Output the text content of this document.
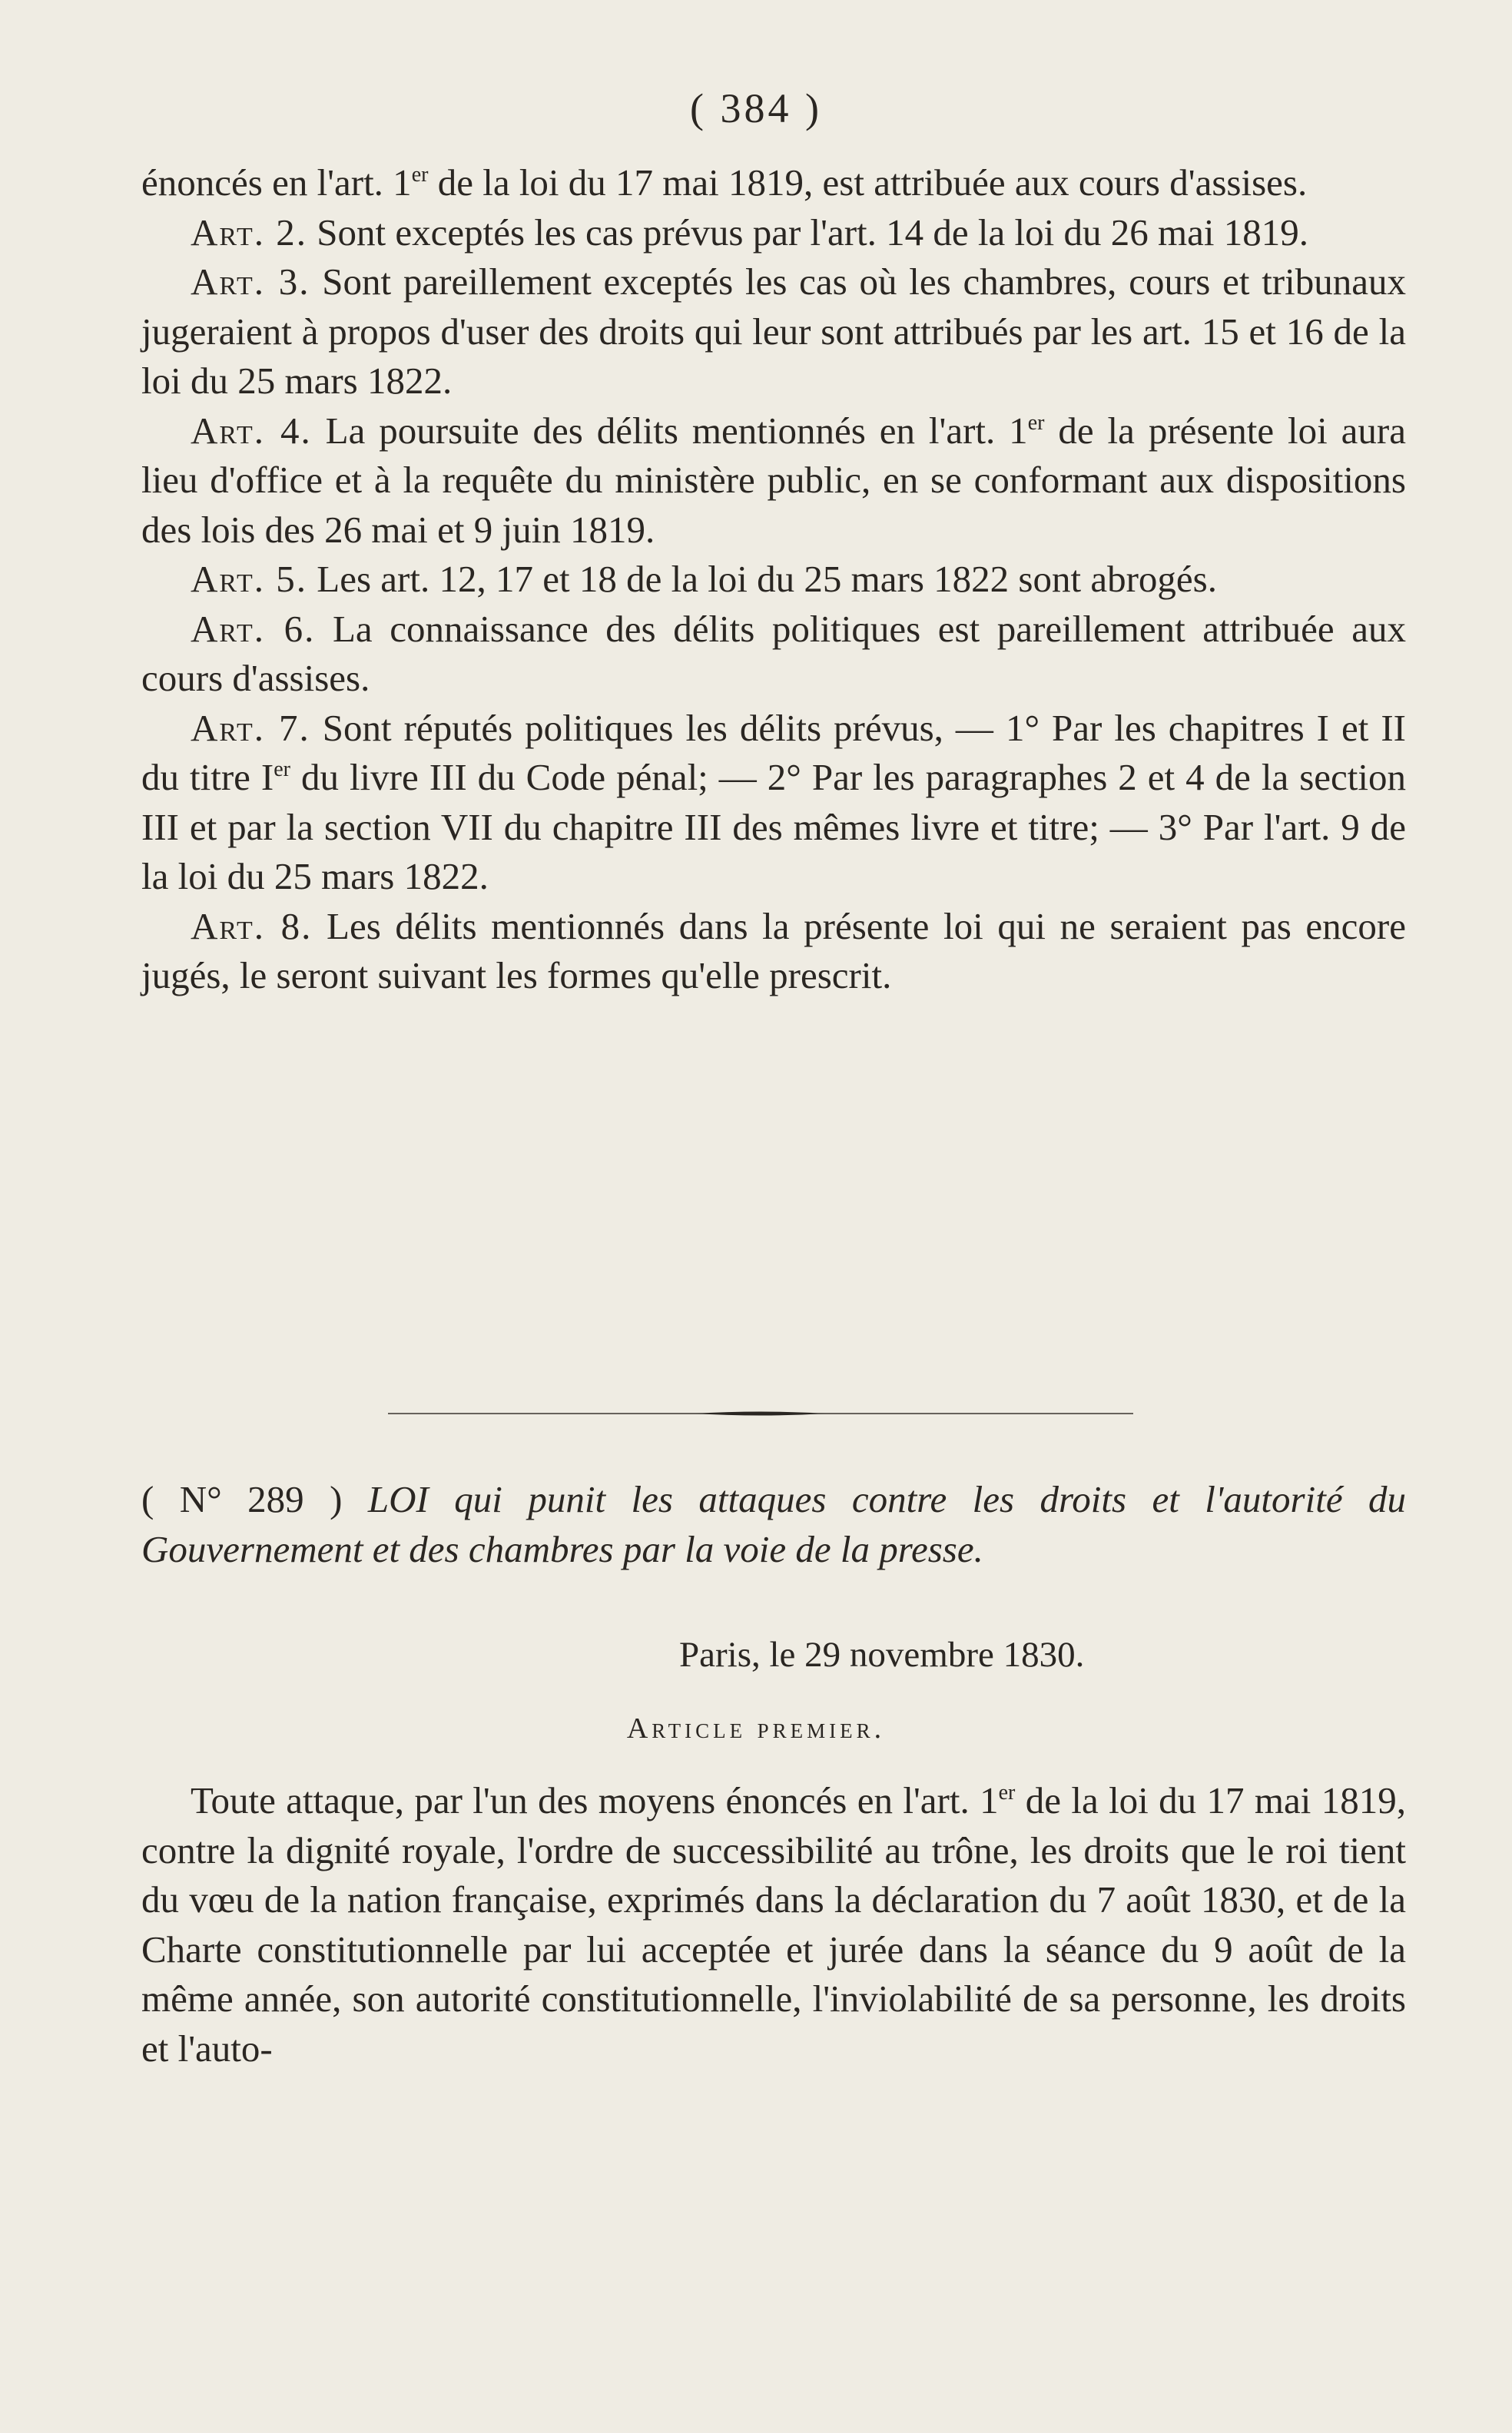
( 384 )

énoncés en l'art. 1er de la loi du 17 mai 1819, est attribuée aux cours d'assises.

Art. 2. Sont exceptés les cas prévus par l'art. 14 de la loi du 26 mai 1819.

Art. 3. Sont pareillement exceptés les cas où les chambres, cours et tribunaux jugeraient à propos d'user des droits qui leur sont attribués par les art. 15 et 16 de la loi du 25 mars 1822.

Art. 4. La poursuite des délits mentionnés en l'art. 1er de la présente loi aura lieu d'office et à la requête du ministère public, en se conformant aux dispositions des lois des 26 mai et 9 juin 1819.

Art. 5. Les art. 12, 17 et 18 de la loi du 25 mars 1822 sont abrogés.

Art. 6. La connaissance des délits politiques est pareillement attribuée aux cours d'assises.

Art. 7. Sont réputés politiques les délits prévus, — 1° Par les chapitres I et II du titre Ier du livre III du Code pénal; — 2° Par les paragraphes 2 et 4 de la section III et par la section VII du chapitre III des mêmes livre et titre; — 3° Par l'art. 9 de la loi du 25 mars 1822.

Art. 8. Les délits mentionnés dans la présente loi qui ne seraient pas encore jugés, le seront suivant les formes qu'elle prescrit.

( N° 289 ) LOI qui punit les attaques contre les droits et l'autorité du Gouvernement et des chambres par la voie de la presse.

Paris, le 29 novembre 1830.
Article premier.

Toute attaque, par l'un des moyens énoncés en l'art. 1er de la loi du 17 mai 1819, contre la dignité royale, l'ordre de successibilité au trône, les droits que le roi tient du vœu de la nation française, exprimés dans la déclaration du 7 août 1830, et de la Charte constitutionnelle par lui acceptée et jurée dans la séance du 9 août de la même année, son autorité constitutionnelle, l'inviolabilité de sa personne, les droits et l'auto-
